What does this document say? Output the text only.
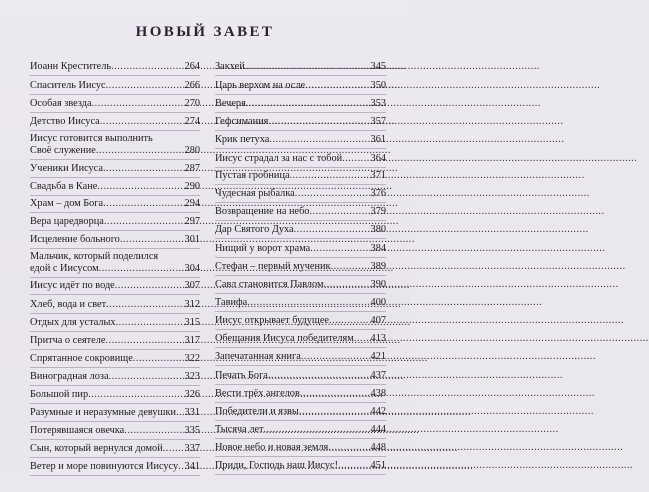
НОВЫЙ ЗАВЕТ
Иоанн Креститель .....	264
Спаситель Иисус .....	266
Особая звезда .....	270
Детство Иисуса .....	274
Иисус готовится выполнить
Своё служение .....	280
Ученики Иисуса .....	287
Свадьба в Кане .....	290
Храм – дом Бога .....	294
Вера царедворца .....	297
Исцеление больного .....	301
Мальчик, который поделился
едой с Иисусом .....	304
Иисус идёт по воде .....	307
Хлеб, вода и свет .....	312
Отдых для усталых .....	315
Притча о сеятеле .....	317
Спрятанное сокровище .....	322
Виноградная лоза .....	323
Большой пир .....	326
Разумные и неразумные девушки ..... 331
Потерявшаяся овечка .....	335
Сын, который вернулся домой ..... 337
Ветер и море повинуются Иисусу ..... 341
Закхей .....	345
Царь верхом на осле .....	350
Вечеря .....	353
Гефсимания .....	357
Крик петуха .....	361
Иисус страдал за нас с тобой .....	364
Пустая гробница .....	371
Чудесная рыбалка .....	376
Возвращение на небо .....	379
Дар Святого Духа .....	380
Нищий у ворот храма .....	384
Стефан – первый мученик .....	389
Савл становится Павлом .....	390
Тавифа .....	400
Иисус открывает будущее .....	407
Обещания Иисуса победителям ..... 413
Запечатанная книга .....	421
Печать Бога .....	437
Вести трёх ангелов .....	438
Победители и язвы .....	442
Тысяча лет .....	444
Новое небо и новая земля .....	448
Приди, Господь наш Иисус! .....	451
